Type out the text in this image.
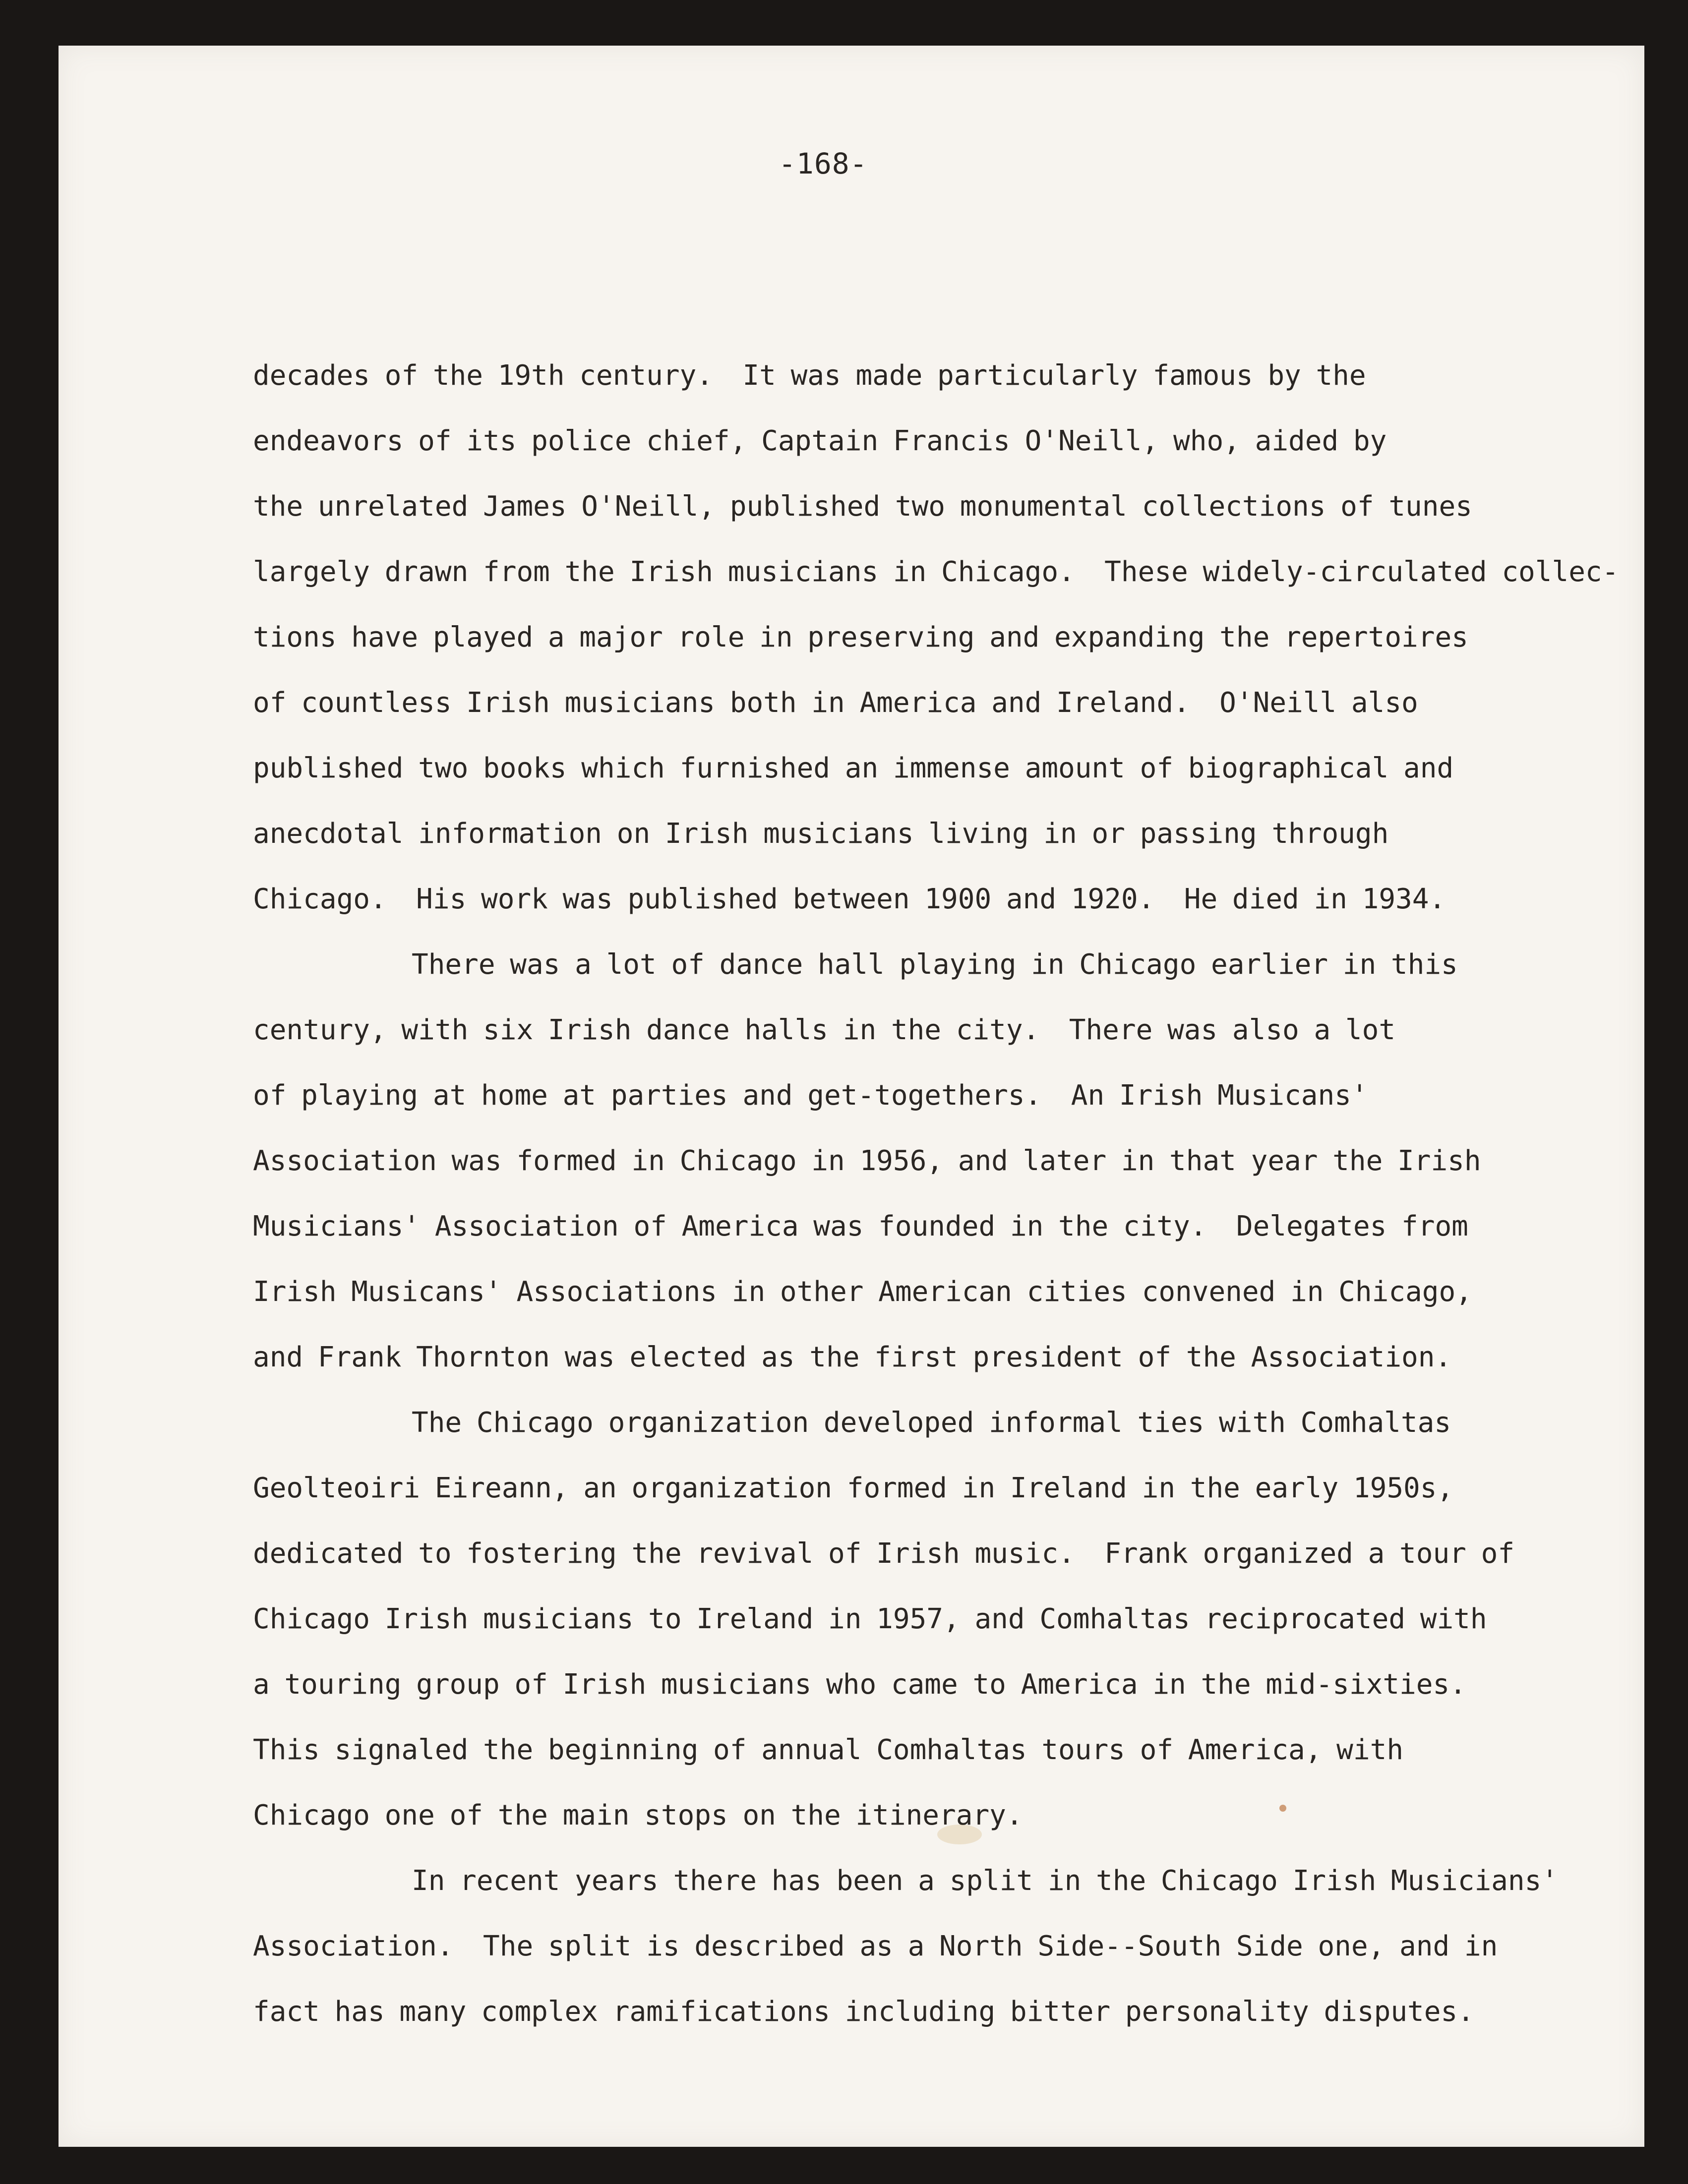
-168-
decades of the 19th century.  It was made particularly famous by the
endeavors of its police chief, Captain Francis O'Neill, who, aided by
the unrelated James O'Neill, published two monumental collections of tunes
largely drawn from the Irish musicians in Chicago.  These widely-circulated collec-
tions have played a major role in preserving and expanding the repertoires
of countless Irish musicians both in America and Ireland.  O'Neill also
published two books which furnished an immense amount of biographical and
anecdotal information on Irish musicians living in or passing through
Chicago.  His work was published between 1900 and 1920.  He died in 1934.
There was a lot of dance hall playing in Chicago earlier in this
century, with six Irish dance halls in the city.  There was also a lot
of playing at home at parties and get-togethers.  An Irish Musicans'
Association was formed in Chicago in 1956, and later in that year the Irish
Musicians' Association of America was founded in the city.  Delegates from
Irish Musicans' Associations in other American cities convened in Chicago,
and Frank Thornton was elected as the first president of the Association.
The Chicago organization developed informal ties with Comhaltas
Geolteoiri Eireann, an organization formed in Ireland in the early 1950s,
dedicated to fostering the revival of Irish music.  Frank organized a tour of
Chicago Irish musicians to Ireland in 1957, and Comhaltas reciprocated with
a touring group of Irish musicians who came to America in the mid-sixties.
This signaled the beginning of annual Comhaltas tours of America, with
Chicago one of the main stops on the itinerary.
In recent years there has been a split in the Chicago Irish Musicians'
Association.  The split is described as a North Side--South Side one, and in
fact has many complex ramifications including bitter personality disputes.
